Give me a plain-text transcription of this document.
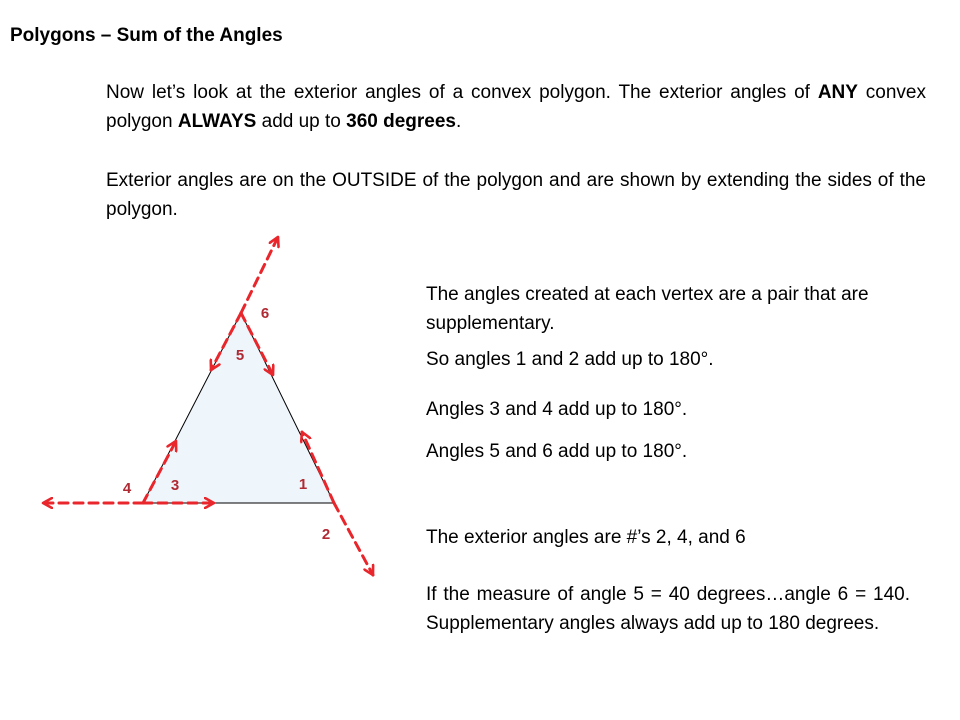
Polygons – Sum of the Angles
Now let’s look at the exterior angles of a convex polygon. The exterior angles of ANY convex polygon ALWAYS add up to 360 degrees.
Exterior angles are on the OUTSIDE of the polygon and are shown by extending the sides of the polygon.
The angles created at each vertex are a pair that are supplementary.
So angles 1 and 2 add up to 180°.
Angles 3 and 4 add up to 180°.
Angles 5 and 6 add up to 180°.
The exterior angles are #’s 2, 4, and 6
If the measure of angle 5 = 40 degrees…angle 6 = 140. Supplementary angles always add up to 180 degrees.
1
2
3
4
5
6
